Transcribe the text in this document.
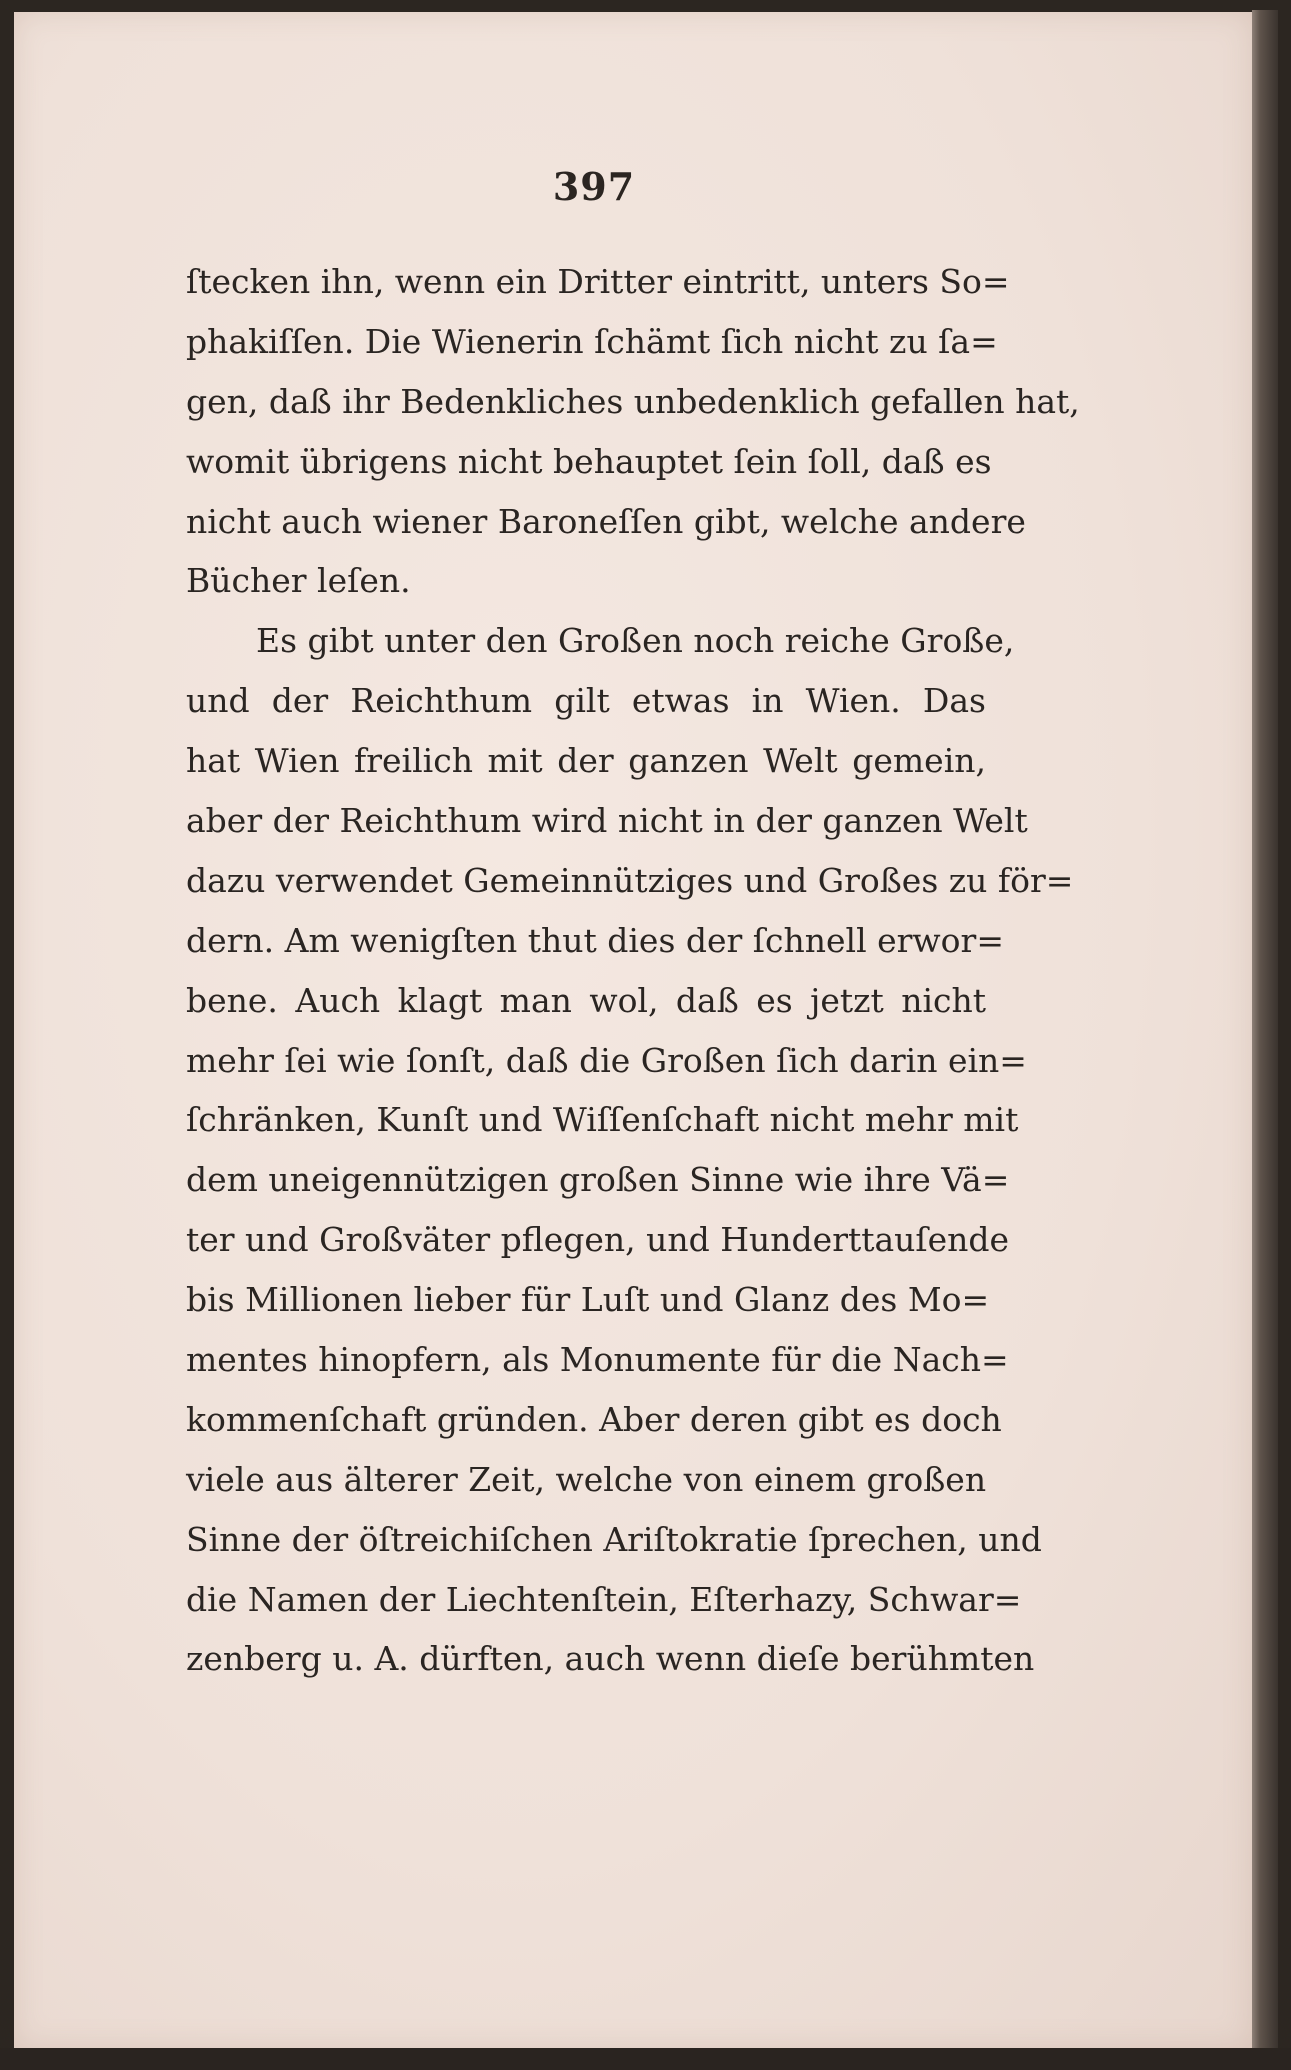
397
ſtecken ihn, wenn ein Dritter eintritt, unters So=
phakiſſen. Die Wienerin ſchämt ſich nicht zu ſa=
gen, daß ihr Bedenkliches unbedenklich gefallen hat,
womit übrigens nicht behauptet ſein ſoll, daß es
nicht auch wiener Baroneſſen gibt, welche andere
Bücher leſen.
Es gibt unter den Großen noch reiche Große,
und der Reichthum gilt etwas in Wien. Das
hat Wien freilich mit der ganzen Welt gemein,
aber der Reichthum wird nicht in der ganzen Welt
dazu verwendet Gemeinnütziges und Großes zu för=
dern. Am wenigſten thut dies der ſchnell erwor=
bene. Auch klagt man wol, daß es jetzt nicht
mehr ſei wie ſonſt, daß die Großen ſich darin ein=
ſchränken, Kunſt und Wiſſenſchaft nicht mehr mit
dem uneigennützigen großen Sinne wie ihre Vä=
ter und Großväter pflegen, und Hunderttauſende
bis Millionen lieber für Luſt und Glanz des Mo=
mentes hinopfern, als Monumente für die Nach=
kommenſchaft gründen. Aber deren gibt es doch
viele aus älterer Zeit, welche von einem großen
Sinne der öſtreichiſchen Ariſtokratie ſprechen, und
die Namen der Liechtenſtein, Eſterhazy, Schwar=
zenberg u. A. dürften, auch wenn dieſe berühmten
